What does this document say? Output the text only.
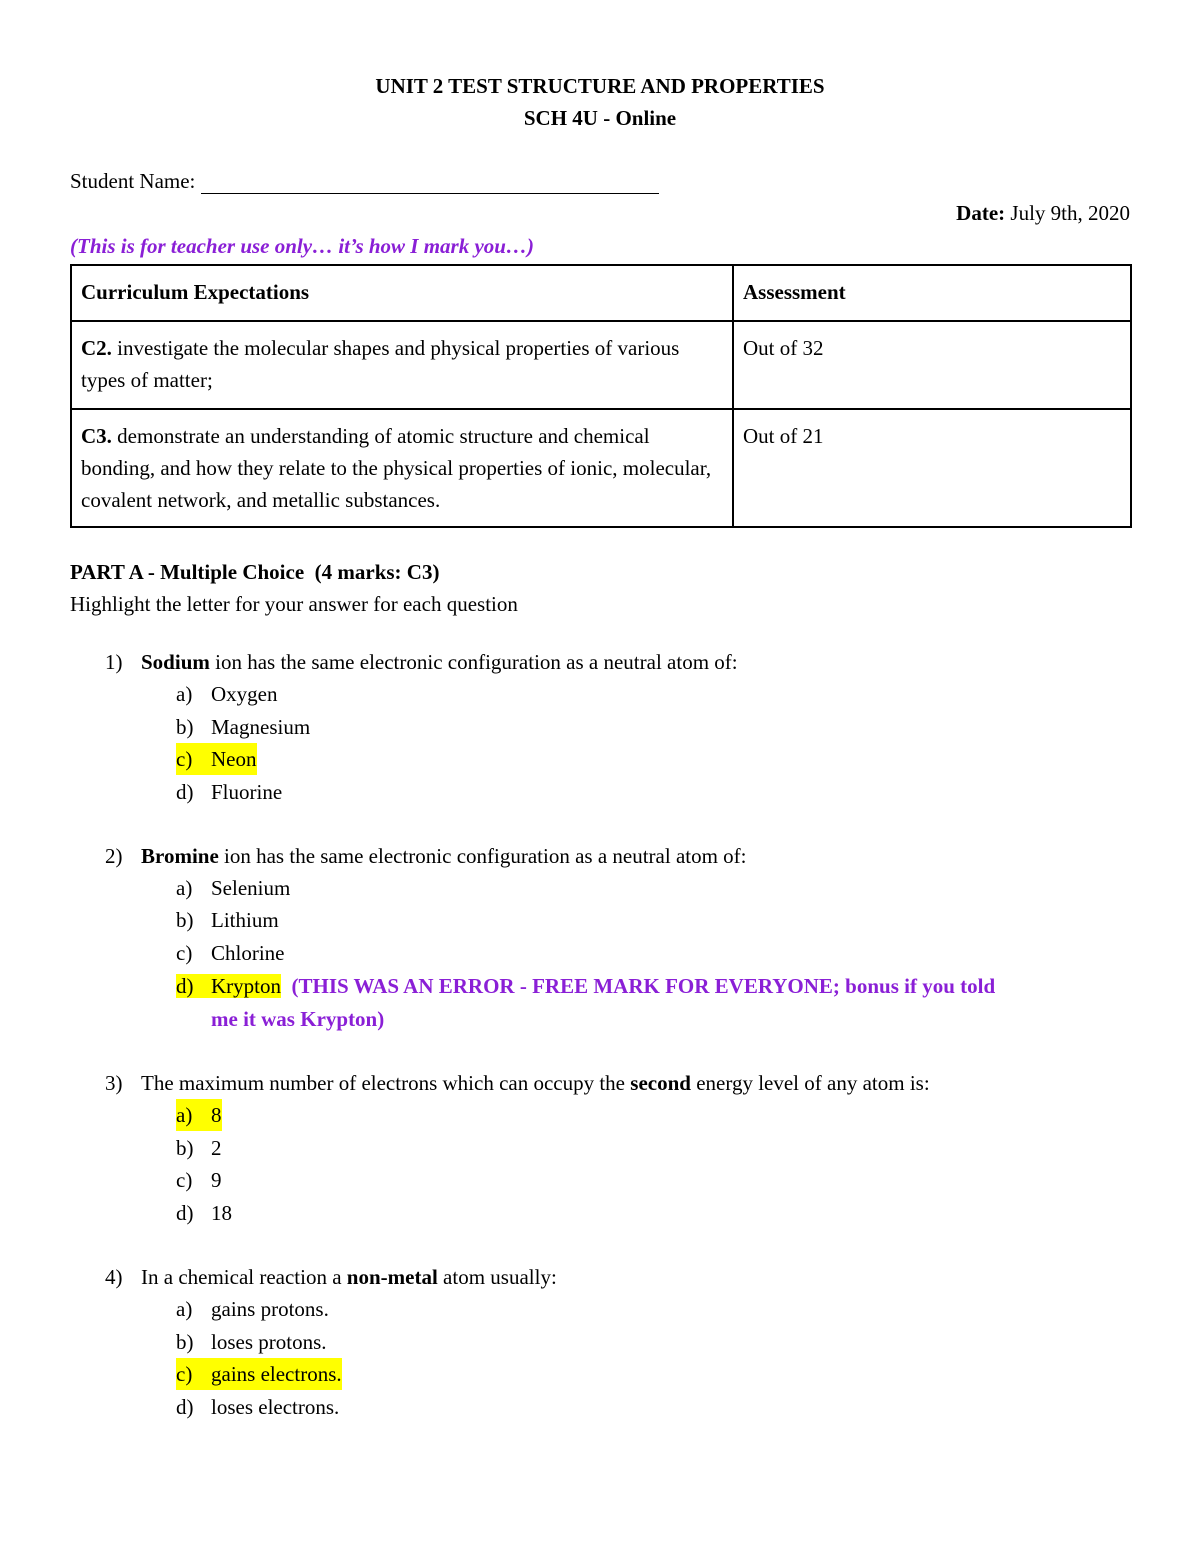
UNIT 2 TEST STRUCTURE AND PROPERTIES
SCH 4U - Online
Student Name:
Date: July 9th, 2020
(This is for teacher use only… it’s how I mark you…)
Curriculum Expectations	Assessment
C2. investigate the molecular shapes and physical properties of various types of matter;	Out of 32
C3. demonstrate an understanding of atomic structure and chemical bonding, and how they relate to the physical properties of ionic, molecular, covalent network, and metallic substances.	Out of 21
PART A - Multiple Choice  (4 marks: C3)
Highlight the letter for your answer for each question
1) Sodium ion has the same electronic configuration as a neutral atom of:
a) Oxygen
b) Magnesium
c) Neon
d) Fluorine
2) Bromine ion has the same electronic configuration as a neutral atom of:
a) Selenium
b) Lithium
c) Chlorine
d) Krypton (THIS WAS AN ERROR - FREE MARK FOR EVERYONE; bonus if you told
me it was Krypton)
3) The maximum number of electrons which can occupy the second energy level of any atom is:
a) 8
b) 2
c) 9
d) 18
4) In a chemical reaction a non-metal atom usually:
a) gains protons.
b) loses protons.
c) gains electrons.
d) loses electrons.
